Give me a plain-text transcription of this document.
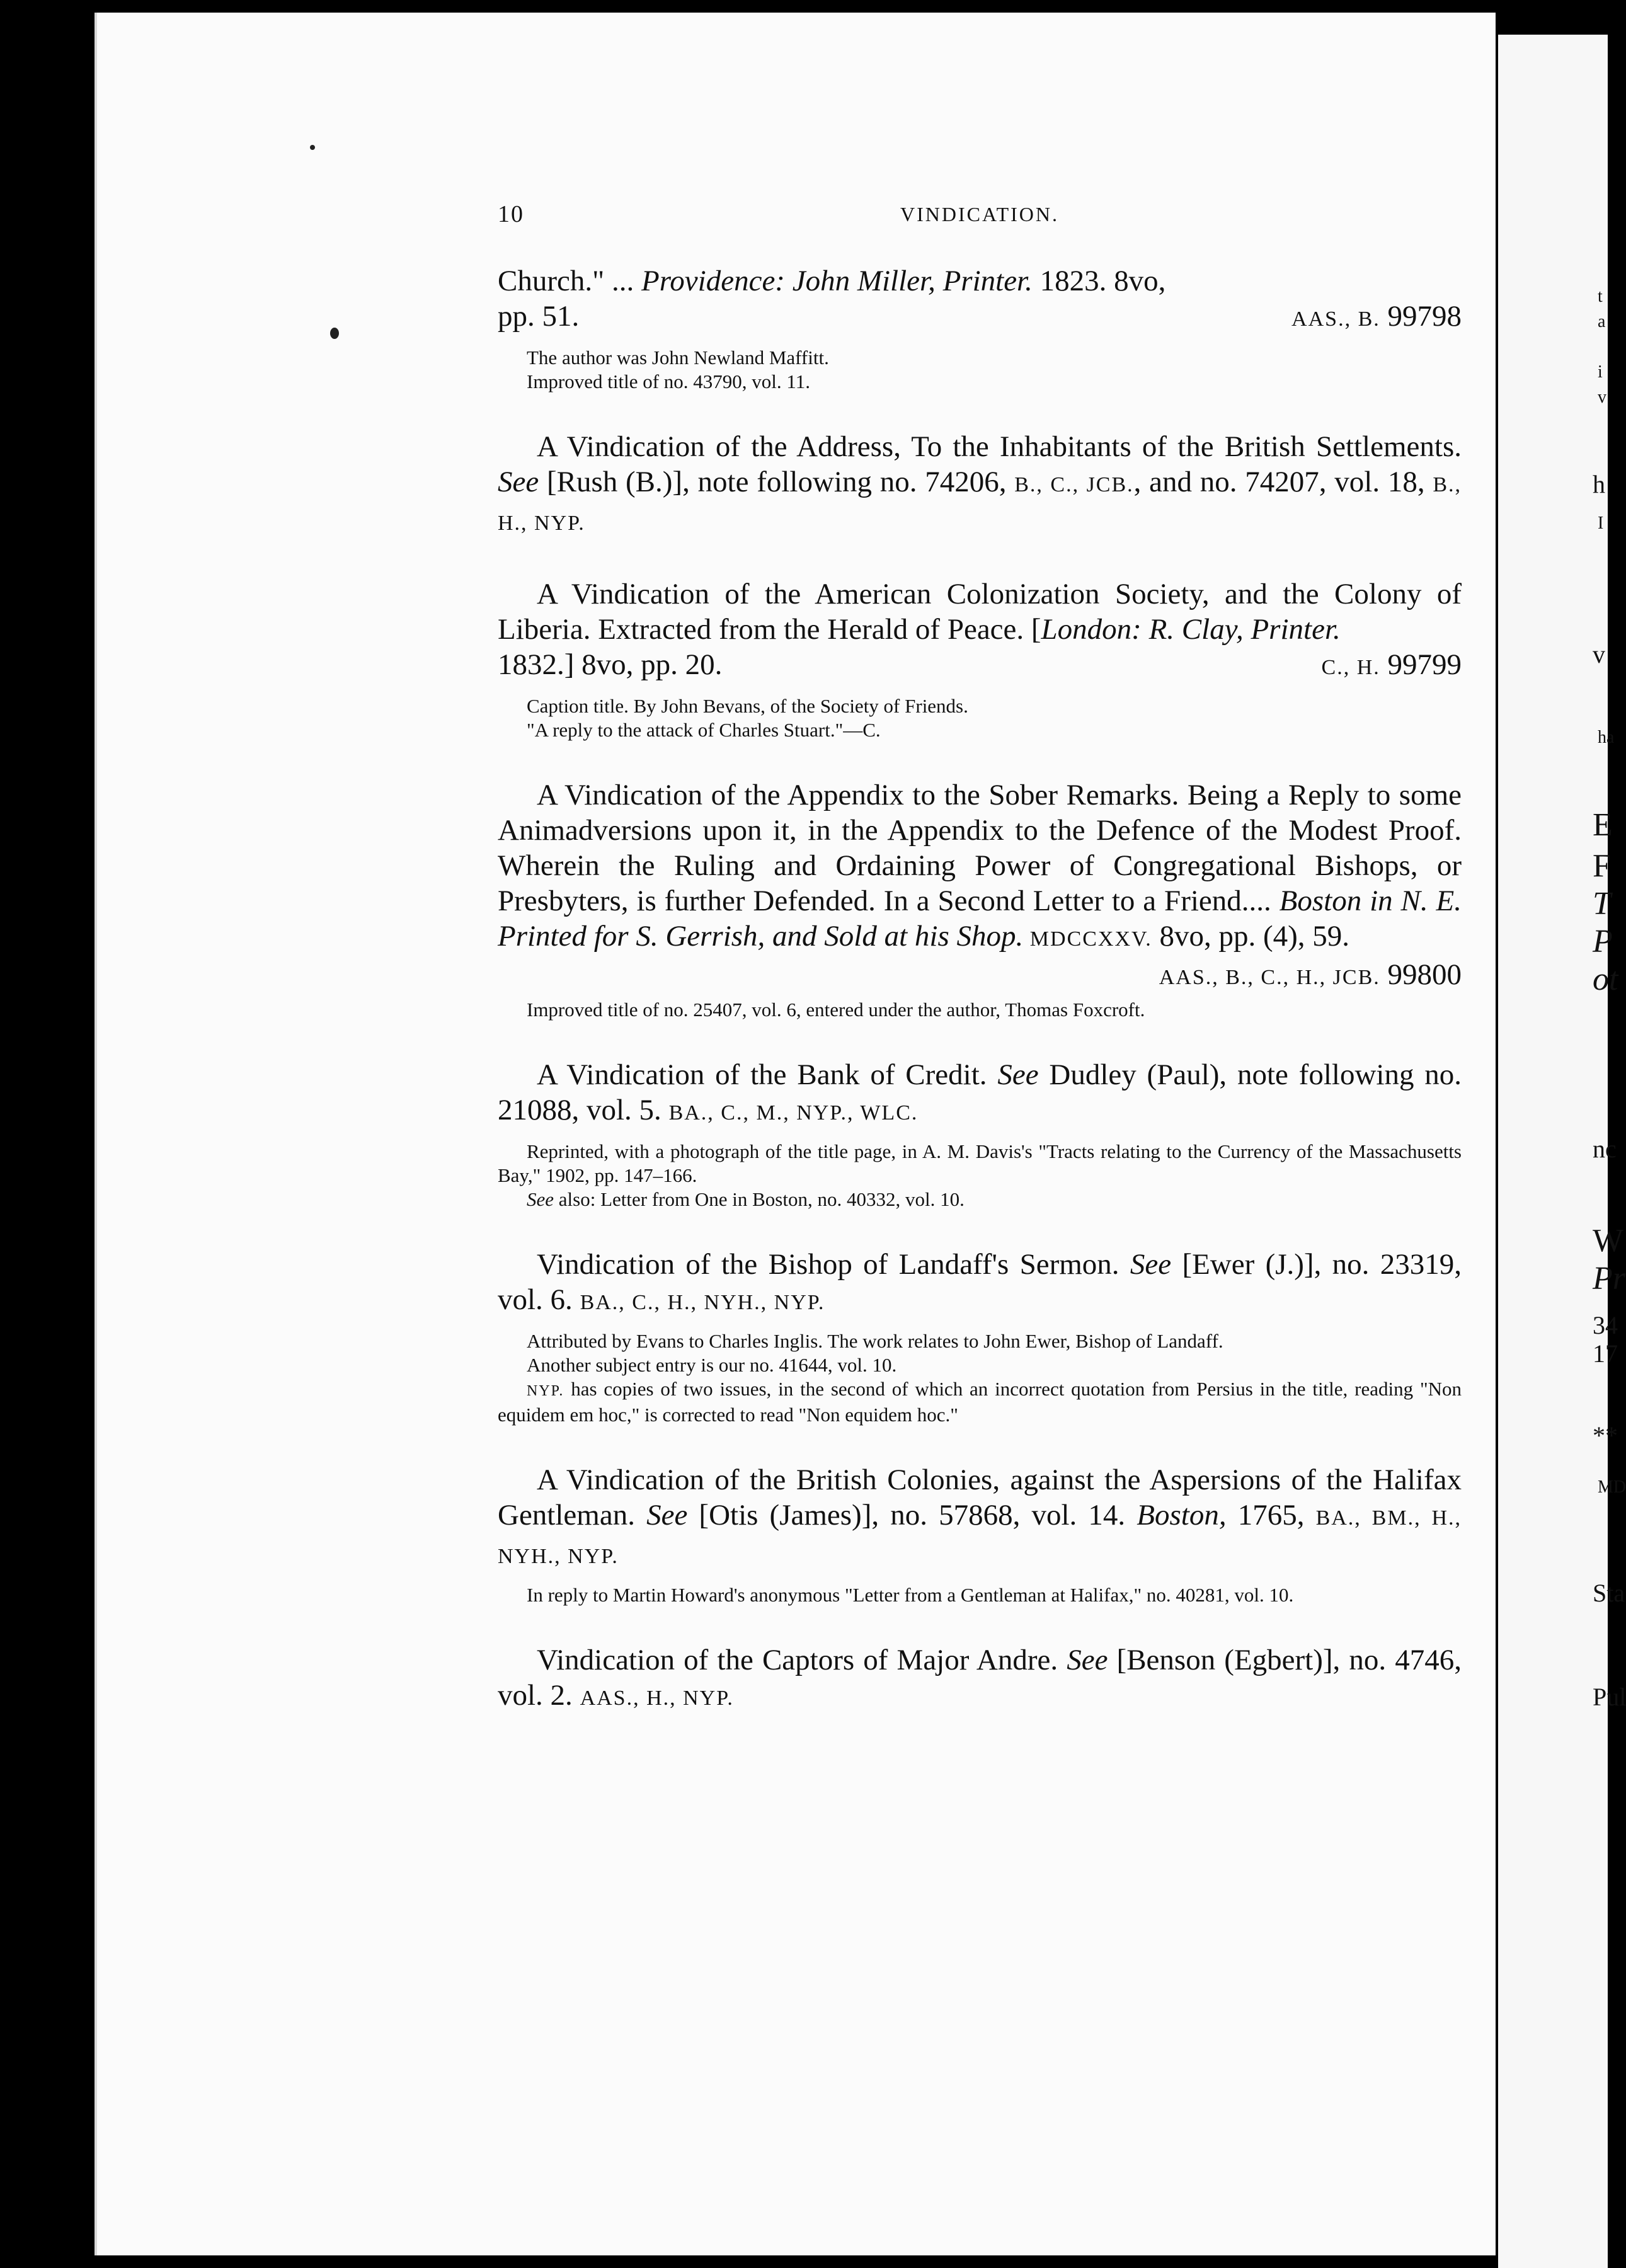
10	VINDICATION.

Church." ... Providence: John Miller, Printer. 1823. 8vo,

pp. 51.	AAS., B. 99798

The author was John Newland Maffitt.

Improved title of no. 43790, vol. 11.

A Vindication of the Address, To the Inhabitants of the British Settlements. See [Rush (B.)], note following no. 74206, B., C., JCB., and no. 74207, vol. 18, B., H., NYP.

A Vindication of the American Colonization Society, and the Colony of Liberia. Extracted from the Herald of Peace. [London: R. Clay, Printer.

1832.] 8vo, pp. 20.	C., H. 99799

Caption title. By John Bevans, of the Society of Friends.

"A reply to the attack of Charles Stuart."—C.

A Vindication of the Appendix to the Sober Remarks. Being a Reply to some Animadversions upon it, in the Appendix to the Defence of the Modest Proof. Wherein the Ruling and Ordaining Power of Congregational Bishops, or Presbyters, is further Defended. In a Second Letter to a Friend.... Boston in N. E. Printed for S. Gerrish, and Sold at his Shop. MDCCXXV. 8vo, pp. (4), 59.

AAS., B., C., H., JCB. 99800

Improved title of no. 25407, vol. 6, entered under the author, Thomas Foxcroft.

A Vindication of the Bank of Credit. See Dudley (Paul), note following no. 21088, vol. 5. BA., C., M., NYP., WLC.

Reprinted, with a photograph of the title page, in A. M. Davis's "Tracts relating to the Currency of the Massachusetts Bay," 1902, pp. 147–166.

See also: Letter from One in Boston, no. 40332, vol. 10.

Vindication of the Bishop of Landaff's Sermon. See [Ewer (J.)], no. 23319, vol. 6. BA., C., H., NYH., NYP.

Attributed by Evans to Charles Inglis. The work relates to John Ewer, Bishop of Landaff.

Another subject entry is our no. 41644, vol. 10.

NYP. has copies of two issues, in the second of which an incorrect quotation from Persius in the title, reading "Non equidem em hoc," is corrected to read "Non equidem hoc."

A Vindication of the British Colonies, against the Aspersions of the Halifax Gentleman. See [Otis (James)], no. 57868, vol. 14. Boston, 1765, BA., BM., H., NYH., NYP.

In reply to Martin Howard's anonymous "Letter from a Gentleman at Halifax," no. 40281, vol. 10.

Vindication of the Captors of Major Andre. See [Benson (Egbert)], no. 4746, vol. 2. AAS., H., NYP.

t
a
i
v
h
I
v
ha
E
F
T
P
ot
nc
W
Pr
34
17
**
MD
Sta
Pul
